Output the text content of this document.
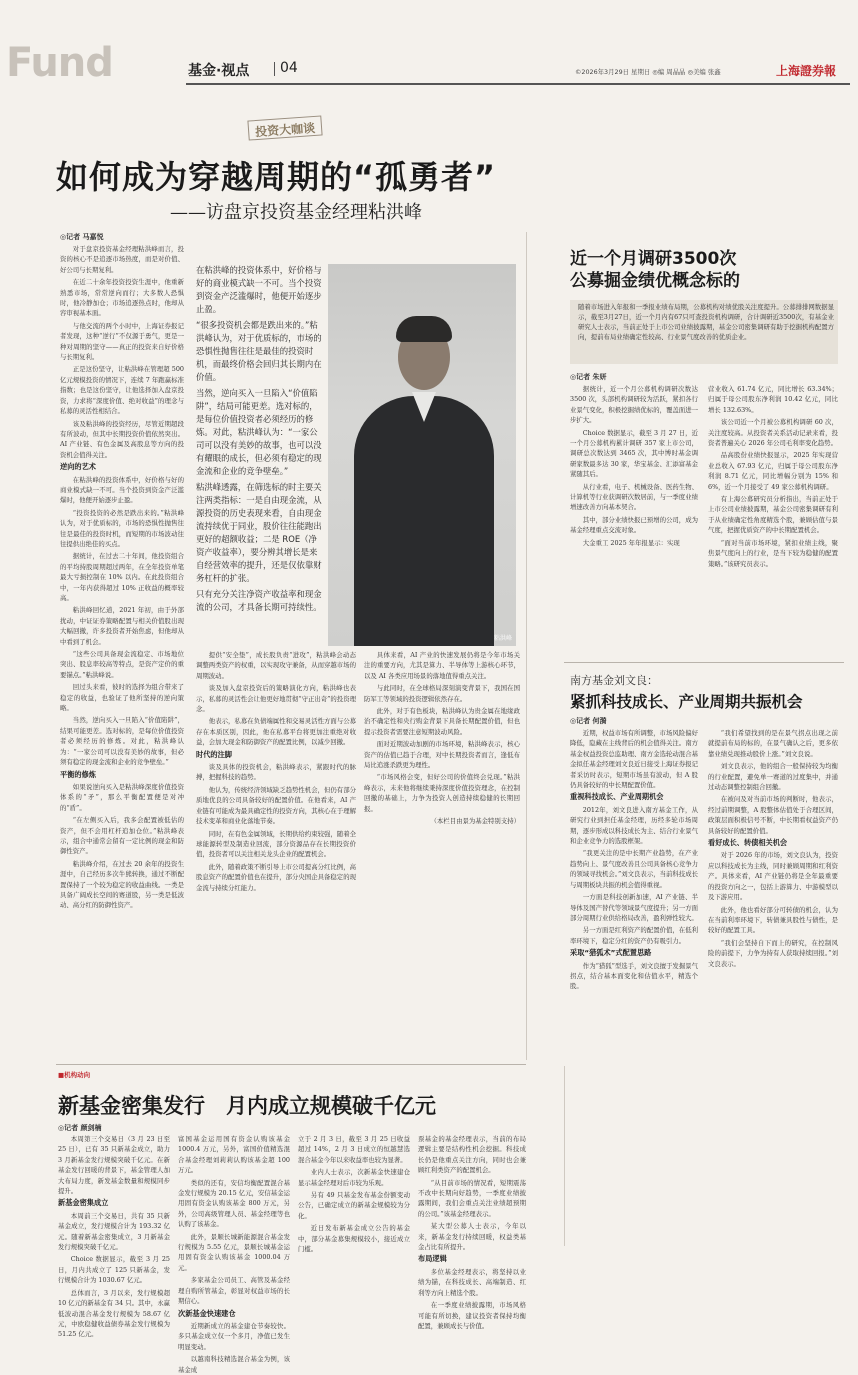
Fund	基金·视点 04	©2026年3月29日 星期日 ◎编 周晶晶 ◎美编 张鑫	上海證券報
投资大咖谈
如何成为穿越周期的“孤勇者”
——访盘京投资基金经理粘洪峰
◎记者 马嘉悦

对于盘京投资基金经理粘洪峰而言，投资的核心不是追逐市场热度，而是对价值、好公司与长期复利。

在近二十余年投资投资生涯中，他重新熟悉市场，常常逆向而行；大多数人恐惧时，他冷静加仓；市场追逐热点时，他却从容审视基本面。

与他交流的两个小时中，上海证券报记者发现，这种“逆行”不仅源于勇气，更是一种对周期的坚守——真正的投资来自好价格与长期复利。

正是这份坚守，让粘洪峰在管理超 500 亿元规模投资的情况下，连续 7 年跑赢标准指数；也是这份坚守，让他选择加入盘京投资，力求将“深度价值、绝对收益”的理念与私募的灵活性相结合。

该及粘洪峰的投资经历，尽管近期超段有所波动，但其中长期投资价值依然突出。AI 产业链、有色金属及高股息等方向的投资机会值得关注。

逆向的艺术

在粘洪峰的投资体系中，好价格与好的商业模式缺一不可。当个投资到资金产泛滥爆时，他便开始逐步止盈。

“投资投资的必然是跌出来的。”粘洪峰认为，对于优质标的，市场的恐惧性抛售往往是最佳的投资时机，而短期的市场波动往往提供出绝佳的买点。

据统计，在过去二十年间，他投资组合的平均持股周期超过两年，在全年投资单笔最大亏损控制在 10% 以内。在此投资组合中，一年内获得超过 10% 正收益的概率较高。

粘洪峰回忆道，2021 年初，由于外部扰动，中证证券策略配置与相关价值股出现大幅回撤，许多投资者开始焦虑，但他却从中看到了机会。

“这些公司具备现金流稳定、市场地位突出、股息率较高等特点，是资产定价的重要锚点。”粘洪峰说。

回过头来看，彼时的选择为组合带来了稳定的收益，也验证了他所坚持的逆向策略。

当然，逆向买入一旦陷入“价值陷阱”，结果可能更差。选对标的，是每位价值投资者必须经历的修炼。对此，粘洪峰认为：“一家公司可以没有美妙的故事，但必须有稳定的现金流和企业的竞争壁垒。”

平衡的修炼

如果说逆向买入是粘洪峰深度价值投资体系的“矛”，那么平衡配置便是对冲的“盾”。

“在左侧买入后，我多会配置被低估的资产，但不会用杠杆追加仓位。”粘洪峰表示，组合中通常会留有一定比例的现金和防御性资产。

粘洪峰介绍，在过去 20 余年的投资生涯中，自己经历多次牛熊转换，通过不断配置保持了一个较为稳定的收益曲线。一类是具备广阔成长空间的赛道股，另一类是低波动、高分红的防御性资产。

在粘洪峰的投资体系中，好价格与好的商业模式缺一不可。当个投资到资金产泛滥爆时，他便开始逐步止盈。

“很多投资机会都是跌出来的。”粘洪峰认为，对于优质标的，市场的恐惧性抛售往往是最佳的投资时机，而最终价格会回归其长期内在价值。

当然，逆向买入一旦陷入“价值陷阱”，结局可能更差。选对标的，是每位价值投资者必须经历的修炼。对此，粘洪峰认为：“一家公司可以没有美妙的故事，也可以没有耀眼的成长，但必须有稳定的现金流和企业的竞争壁垒。”

粘洪峰透露，在筛选标的时主要关注两类指标：一是自由现金流，从源投资的历史表现来看，自由现金流持续优于同业，股价往往能跑出更好的超额收益；二是 ROE（净资产收益率），要分辨其增长是来自经营效率的提升，还是仅依靠财务杠杆的扩张。

只有充分关注净资产收益率和现金流的公司，才具备长期可持续性。

粘洪峰

提供“安全垫”，成长股负责“进攻”，粘洪峰会动态调整两类资产的权重，以实现攻守兼备，从而穿越市场的周期波动。

谈及加入盘京投资后的策略演化方向，粘洪峰也表示，私募的灵活性会让他更好地贯彻“守正出奇”的投资理念。

他表示，私募在负债端属性和交易灵活性方面与公募存在本质区别，因此，他在私募平台将更加注重绝对收益，会加大现金和防御资产的配置比例，以减少回撤。

时代的注脚

谈及具体的投资机会，粘洪峰表示，紧跟时代的脉搏，把握科技的趋势。

他认为，传统经济领域缺乏趋势性机会，但仍有部分质地优良的公司具备较好的配置价值。在他看来，AI 产业链有可能成为最具确定性的投资方向，其核心在于理解技术变革和商业化落地节奏。

同时，在有色金属领域，长期供给约束较强，随着全球能源转型及制造业回流，部分资源品存在长期投资价值，投资者可以关注相关龙头企业的配置机会。

此外，随着政策不断引导上市公司提高分红比例，高股息资产的配置价值也在提升，部分央国企具备稳定的现金流与持续分红能力。

具体来看，AI 产业的快速发展仍将是今年市场关注的重要方向，尤其是算力、半导体等上游核心环节，以及 AI 各类应用场景的落地值得重点关注。

与此同时，在全球格局深刻演变背景下，我国在国防军工等领域的投资逻辑依然存在。

此外，对于有色板块，粘洪峰认为贵金属在地缘政治不确定性和央行购金背景下具备长期配置价值，但也提示投资者需要注意短期波动风险。

面对近期波动加剧的市场环境，粘洪峰表示，核心资产的估值已趋于合理，对中长期投资者而言，逢低布局比追涨杀跌更为理性。

“市场风格会变，但好公司的价值终会兑现。”粘洪峰表示，未来他将继续秉持深度价值投资理念，在控制回撤的基础上，力争为投资人创造持续稳健的长期回报。

（本栏目由景为基金特别支持）

近一个月调研3500次
公募掘金绩优概念标的
随着市场进入年报和一季报业绩布局期，公募机构对绩优股关注度提升。公募排排网数据显示，截至3月27日，近一个月内有67只可查投资机构调研，合计调研近3500次，有基金业研究人士表示，当前正处于上市公司业绩披露期，基金公司密集调研有助于挖掘机构配置方向，提前布局业绩确定性较高、行业景气度改善的优质企业。
◎记者 朱妍

据统计，近一个月公募机构调研次数达 3500 次，头部机构调研较为活跃，紧扣各行业景气变化，积极挖掘绩优标的，覆盖面进一步扩大。

Choice 数据显示，截至 3 月 27 日，近一个月公募机构累计调研 357 家上市公司，调研总次数达到 3465 次，其中博时基金调研家数最多达 30 家，华宝基金、汇添富基金紧随其后。

从行业看，电子、机械设备、医药生物、计算机等行业获调研次数居前，与一季度业绩增速改善方向基本契合。

其中，部分业绩快报已预增的公司，成为基金经理重点交流对象。

大金重工 2025 年年报显示：实现

营业收入 61.74 亿元，同比增长 63.34%；归属于母公司股东净利润 10.42 亿元，同比增长 132.63%。

该公司近一个月被公募机构调研 60 次，关注度较高。从投资者关系活动记录来看，投资者普遍关心 2026 年公司毛利率变化趋势。

品高股份业绩快报显示，2025 年实现营业总收入 67.93 亿元，归属于母公司股东净利润 8.71 亿元，同比增幅分别为 15% 和 6%，近一个月接受了 49 家公募机构调研。

有上海公募研究员分析指出，当前正处于上市公司业绩披露期，基金公司密集调研有利于从业绩确定性角度精选个股，兼顾估值与景气度，把握优质资产的中长期配置机会。

“面对当前市场环境，紧扣业绩主线，聚焦景气度向上的行业，是当下较为稳健的配置策略。”该研究员表示。

南方基金刘文良：
紧抓科技成长、产业周期共振机会
◎记者 何漪

近期，权益市场有所调整，市场风险偏好降低，隐藏在主线背后的机会值得关注。南方基金权益投资总监助理、南方金选轮动混合基金拟任基金经理刘文良近日接受上海证券报记者采访时表示，短期市场虽有波动，但 A 股仍具备较好的中长期配置价值。

重视科技成长、产业周期机会

2012年，刘文良进入南方基金工作，从研究行业到担任基金经理，历经多轮市场周期，逐步形成以科技成长为主、结合行业景气和企业竞争力的选股框架。

“我更关注的是中长期产业趋势，在产业趋势向上、景气度改善且公司具备核心竞争力的领域寻找机会。”刘文良表示，当前科技成长与周期板块共振的机会值得重视。

一方面是科技创新加速，AI 产业链、半导体及国产替代等领域景气度提升；另一方面部分周期行业供给格局改善，盈利弹性较大。

另一方面是红利资产的配置价值，在低利率环境下，稳定分红的资产仍有吸引力。

采取“猎狐术”式配置思路

作为“猎狐”型选手，刘文良擅于发掘景气拐点，结合基本面变化和估值水平，精选个股。

“我们希望找到的是在景气拐点出现之前就提前布局的标的，在景气确认之后，更多依靠业绩兑现推动股价上涨。”刘文良说。

刘文良表示，他的组合一般保持较为均衡的行业配置，避免单一赛道的过度集中，并通过动态调整控制组合回撤。

在被问及对当前市场的判断时，他表示，经过前期调整，A 股整体估值处于合理区间，政策层面积极信号不断，中长期看权益资产仍具备较好的配置价值。

看好成长、转债相关机会

对于 2026 年的市场，刘文良认为，投资应以科技成长为主线，同时兼顾周期和红利资产。具体来看，AI 产业链仍将是全年最重要的投资方向之一，包括上游算力、中游模型以及下游应用。

此外，他也看好部分可转债的机会，认为在当前利率环境下，转债兼具股性与债性，是较好的配置工具。

“我们会坚持自下而上的研究，在控制风险的前提下，力争为持有人获取持续回报。”刘文良表示。

■机构动向
新基金密集发行　月内成立规模破千亿元
◎记者 颜剑楠

本周第三个交易日（3 月 23 日至 25 日），已有 35 只新基金成立，助力 3 月新基金发行规模突破千亿元。在新基金发行回暖的背景下，基金管理人加大布局力度，新发基金数量和规模同步提升。

新基金密集成立

本周前三个交易日，共有 35 只新基金成立，发行规模合计为 193.32 亿元。随着新基金密集成立，3 月新基金发行规模突破千亿元。

Choice 数据显示，截至 3 月 25 日，月内共成立了 125 只新基金，发行规模合计为 1030.67 亿元。

总体而言，3 月以来，发行规模超 10 亿元的新基金有 34 只。其中，永赢低波动混合基金发行规模为 58.67 亿元，中欧稳健收益债券基金发行规模为 51.25 亿元。

富国基金运用国有资金认购该基金 1000.4 万元，另外，富国价值精选混合基金经理刘莉莉认购该基金超 100 万元。

类似的还有，安信均衡配置混合基金发行规模为 20.15 亿元，安信基金运用固有资金认购该基金 800 万元，另外，公司高级管理人员、基金经理等也认购了该基金。

此外，景顺长城新能源混合基金发行规模为 5.55 亿元，景顺长城基金运用固有资金认购该基金 1000.04 万元。

多家基金公司员工、高管及基金经理自购所管基金，彰显对权益市场的长期信心。

次新基金快速建仓

近期新成立的基金建仓节奏较快。多只基金成立仅一个多月，净值已发生明显变动。

以越南科技精选混合基金为例，该基金成

立于 2 月 3 日，截至 3 月 25 日收益超过 14%，2 月 3 日成立的恒越慧选混合基金今年以来收益率也较为显著。

业内人士表示，次新基金快速建仓显示基金经理对后市较为乐观。

另有 49 只基金发布基金份额变动公告，已确定成立的新基金规模较为分化。

近日发布新基金成立公告的基金中，部分基金募集规模较小，接近成立门槛。

票基金的基金经理表示，当前的布局逻辑主要是结构性机会挖掘。科技成长仍是他重点关注方向，同时也会兼顾红利类资产的配置机会。

“从目前市场的情况看，短期震荡不改中长期向好趋势，一季度业绩披露期间，我们会重点关注业绩超预期的公司。”该基金经理表示。

某大型公募人士表示，今年以来，新基金发行持续回暖，权益类基金占比有所提升。

布局逻辑

多位基金经理表示，将坚持以业绩为锚，在科技成长、高端制造、红利等方向上精选个股。

在一季度业绩披露期，市场风格可能有所切换，建议投资者保持均衡配置，兼顾成长与价值。
